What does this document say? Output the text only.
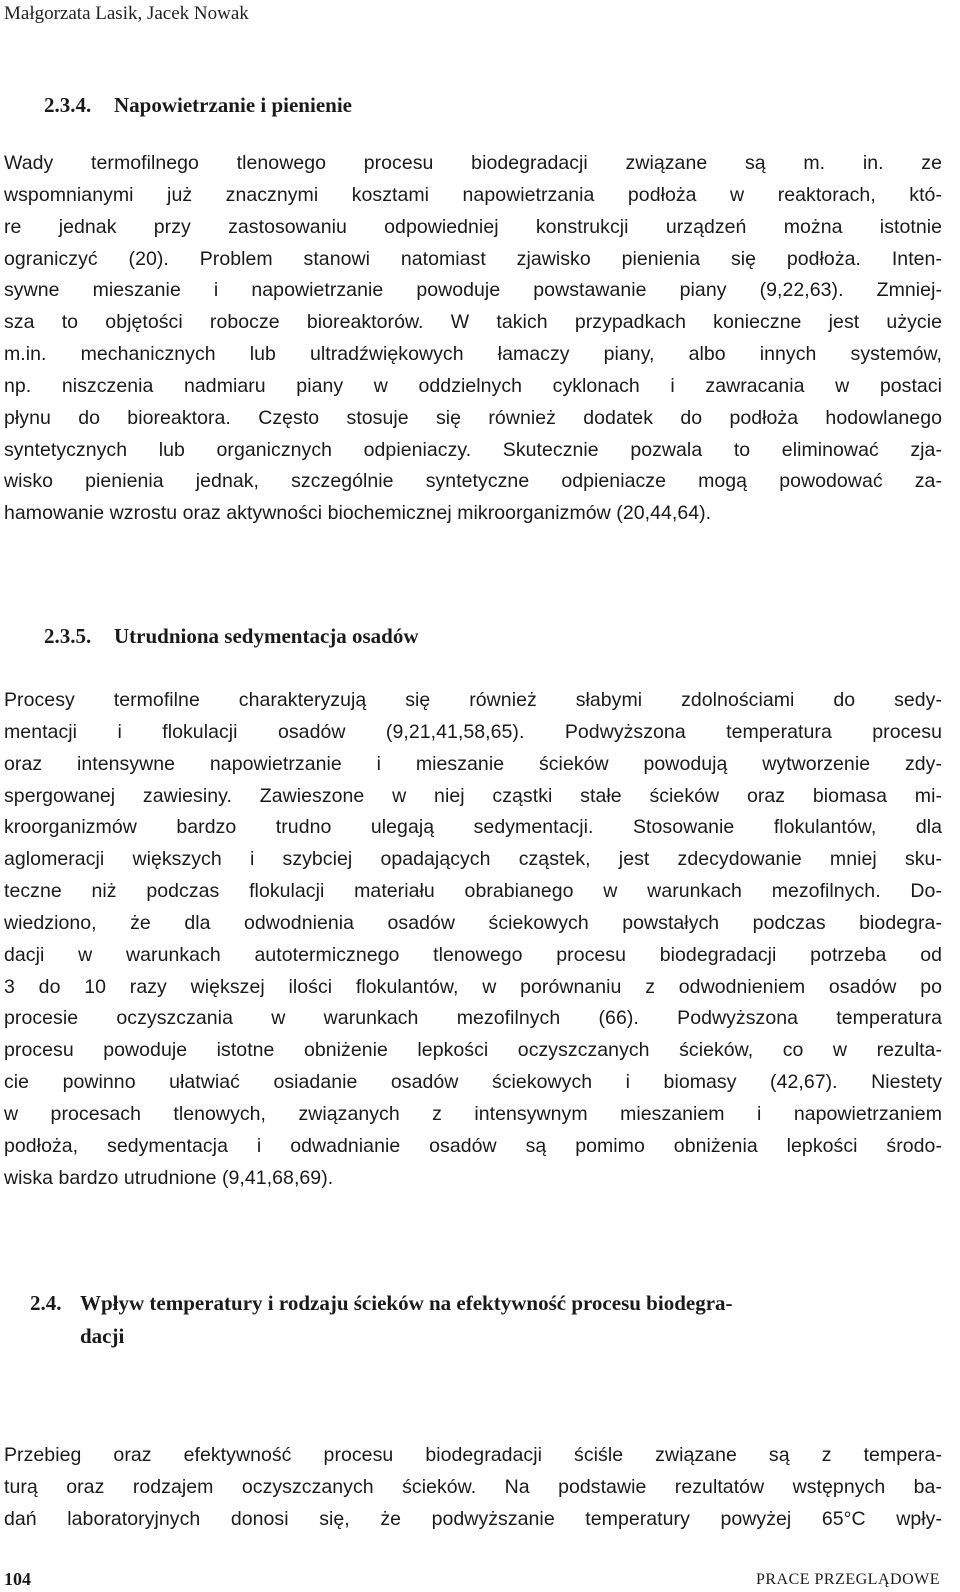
Małgorzata Lasik, Jacek Nowak
2.3.4. Napowietrzanie i pienienie

Wady termofilnego tlenowego procesu biodegradacji związane są m. in. ze
wspomnianymi już znacznymi kosztami napowietrzania podłoża w reaktorach, któ-
re jednak przy zastosowaniu odpowiedniej konstrukcji urządzeń można istotnie
ograniczyć (20). Problem stanowi natomiast zjawisko pienienia się podłoża. Inten-
sywne mieszanie i napowietrzanie powoduje powstawanie piany (9,22,63). Zmniej-
sza to objętości robocze bioreaktorów. W takich przypadkach konieczne jest użycie
m.in. mechanicznych lub ultradźwiękowych łamaczy piany, albo innych systemów,
np. niszczenia nadmiaru piany w oddzielnych cyklonach i zawracania w postaci
płynu do bioreaktora. Często stosuje się również dodatek do podłoża hodowlanego
syntetycznych lub organicznych odpieniaczy. Skutecznie pozwala to eliminować zja-
wisko pienienia jednak, szczególnie syntetyczne odpieniacze mogą powodować za-
hamowanie wzrostu oraz aktywności biochemicznej mikroorganizmów (20,44,64).

2.3.5. Utrudniona sedymentacja osadów

Procesy termofilne charakteryzują się również słabymi zdolnościami do sedy-
mentacji i flokulacji osadów (9,21,41,58,65). Podwyższona temperatura procesu
oraz intensywne napowietrzanie i mieszanie ścieków powodują wytworzenie zdy-
spergowanej zawiesiny. Zawieszone w niej cząstki stałe ścieków oraz biomasa mi-
kroorganizmów bardzo trudno ulegają sedymentacji. Stosowanie flokulantów, dla
aglomeracji większych i szybciej opadających cząstek, jest zdecydowanie mniej sku-
teczne niż podczas flokulacji materiału obrabianego w warunkach mezofilnych. Do-
wiedziono, że dla odwodnienia osadów ściekowych powstałych podczas biodegra-
dacji w warunkach autotermicznego tlenowego procesu biodegradacji potrzeba od
3 do 10 razy większej ilości flokulantów, w porównaniu z odwodnieniem osadów po
procesie oczyszczania w warunkach mezofilnych (66). Podwyższona temperatura
procesu powoduje istotne obniżenie lepkości oczyszczanych ścieków, co w rezulta-
cie powinno ułatwiać osiadanie osadów ściekowych i biomasy (42,67). Niestety
w procesach tlenowych, związanych z intensywnym mieszaniem i napowietrzaniem
podłoża, sedymentacja i odwadnianie osadów są pomimo obniżenia lepkości środo-
wiska bardzo utrudnione (9,41,68,69).

2.4. Wpływ temperatury i rodzaju ścieków na efektywność procesu biodegra-
dacji

Przebieg oraz efektywność procesu biodegradacji ściśle związane są z tempera-
turą oraz rodzajem oczyszczanych ścieków. Na podstawie rezultatów wstępnych ba-
dań laboratoryjnych donosi się, że podwyższanie temperatury powyżej 65°C wpły-

104	PRACE PRZEGLĄDOWE
